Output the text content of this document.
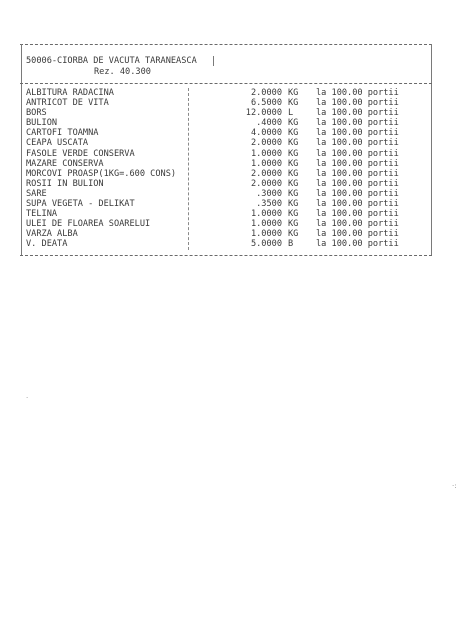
50006-CIORBA DE VACUTA TARANEASCA
Rez. 40.300
ALBITURA RADACINA	2.0000 KG la 100.00 portii
ANTRICOT DE VITA	6.5000 KG la 100.00 portii
BORS	12.0000 L	la 100.00 portii
BULION	.4000 KG la 100.00 portii
CARTOFI TOAMNA	4.0000 KG la 100.00 portii
CEAPA USCATA	2.0000 KG la 100.00 portii
FASOLE VERDE CONSERVA	1.0000 KG la 100.00 portii
MAZARE CONSERVA	1.0000 KG la 100.00 portii
MORCOVI PROASP(1KG=.600 CONS)	2.0000 KG la 100.00 portii
ROSII IN BULION	2.0000 KG la 100.00 portii
SARE	.3000 KG la 100.00 portii
SUPA VEGETA - DELIKAT	.3500 KG la 100.00 portii
TELINA	1.0000 KG la 100.00 portii
ULEI DE FLOAREA SOARELUI	1.0000 KG la 100.00 portii
VARZA ALBA	1.0000 KG la 100.00 portii
V. DEATA	5.0000 B	la 100.00 portii
·
·:
